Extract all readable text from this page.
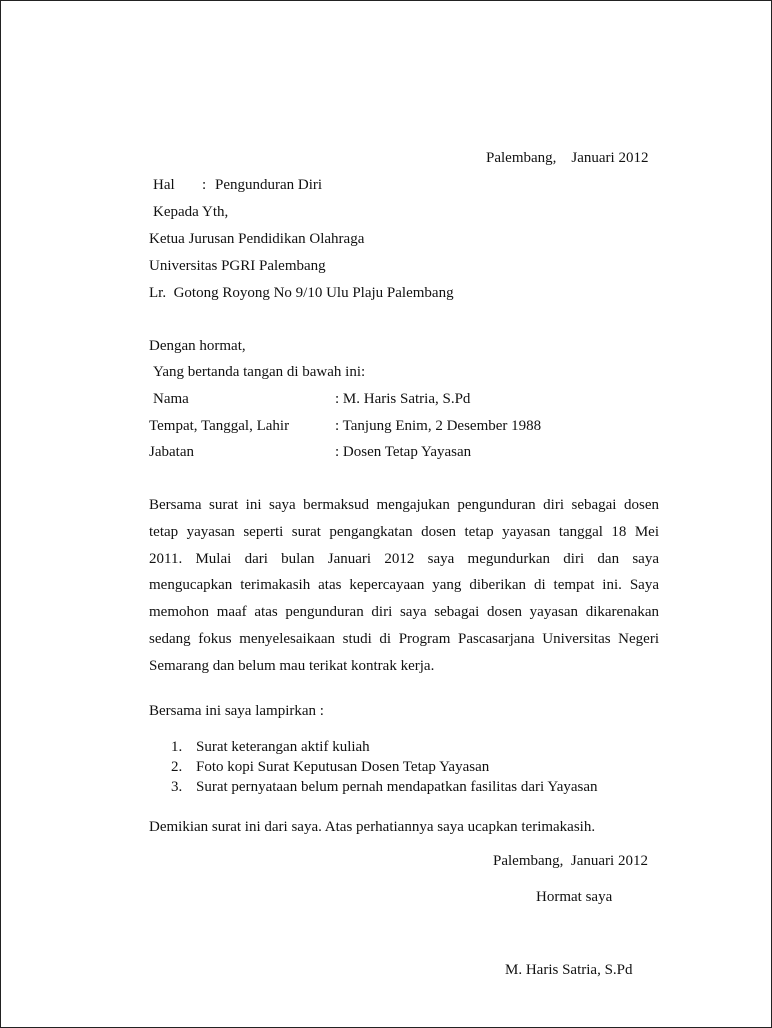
Palembang,    Januari 2012
Hal : Pengunduran Diri
Kepada Yth,
Ketua Jurusan Pendidikan Olahraga
Universitas PGRI Palembang
Lr.  Gotong Royong No 9/10 Ulu Plaju Palembang
Dengan hormat,
Yang bertanda tangan di bawah ini:
Nama	: M. Haris Satria, S.Pd
Tempat, Tanggal, Lahir	: Tanjung Enim, 2 Desember 1988
Jabatan	: Dosen Tetap Yayasan
Bersama surat ini saya bermaksud mengajukan pengunduran diri sebagai dosen
tetap yayasan seperti surat pengangkatan dosen tetap yayasan tanggal 18 Mei
2011. Mulai dari bulan Januari 2012 saya megundurkan diri dan saya
mengucapkan terimakasih atas kepercayaan yang diberikan di tempat ini. Saya
memohon maaf atas pengunduran diri saya sebagai dosen yayasan dikarenakan
sedang fokus menyelesaikaan studi di Program Pascasarjana Universitas Negeri
Semarang dan belum mau terikat kontrak kerja.
Bersama ini saya lampirkan :
1. Surat keterangan aktif kuliah
2. Foto kopi Surat Keputusan Dosen Tetap Yayasan
3. Surat pernyataan belum pernah mendapatkan fasilitas dari Yayasan
Demikian surat ini dari saya. Atas perhatiannya saya ucapkan terimakasih.
Palembang,  Januari 2012
Hormat saya
M. Haris Satria, S.Pd
